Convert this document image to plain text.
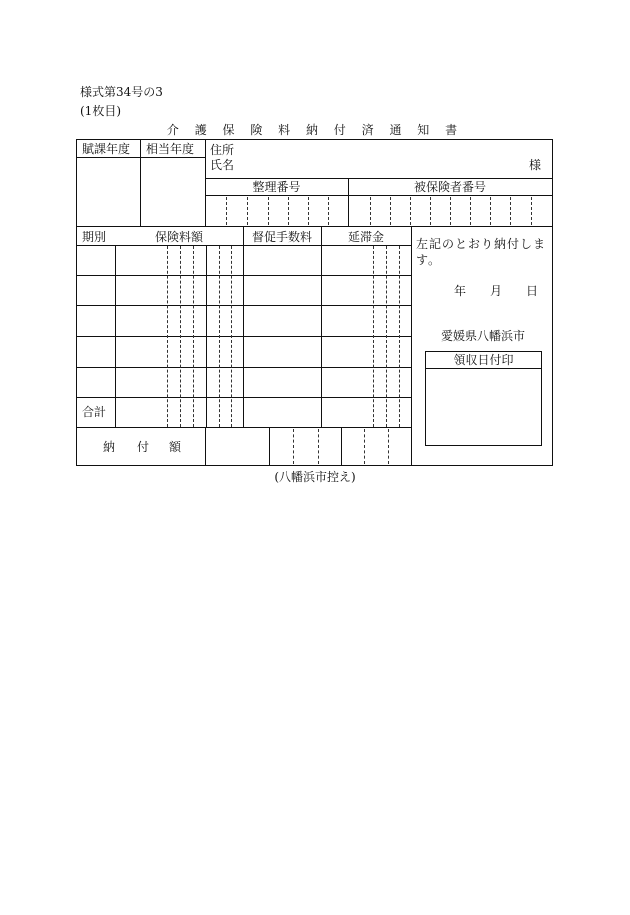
様式第34号の3
(1枚目)
介 護 保 険 料 納 付 済 通 知 書
賦課年度 相当年度 住所
氏名	様
整理番号	被保険者番号
期別	保険料額	督促手数料	延滞金
合計
納 付 額
左記のとおり納付します。
年 月 日
愛媛県八幡浜市
領収日付印
(八幡浜市控え)
